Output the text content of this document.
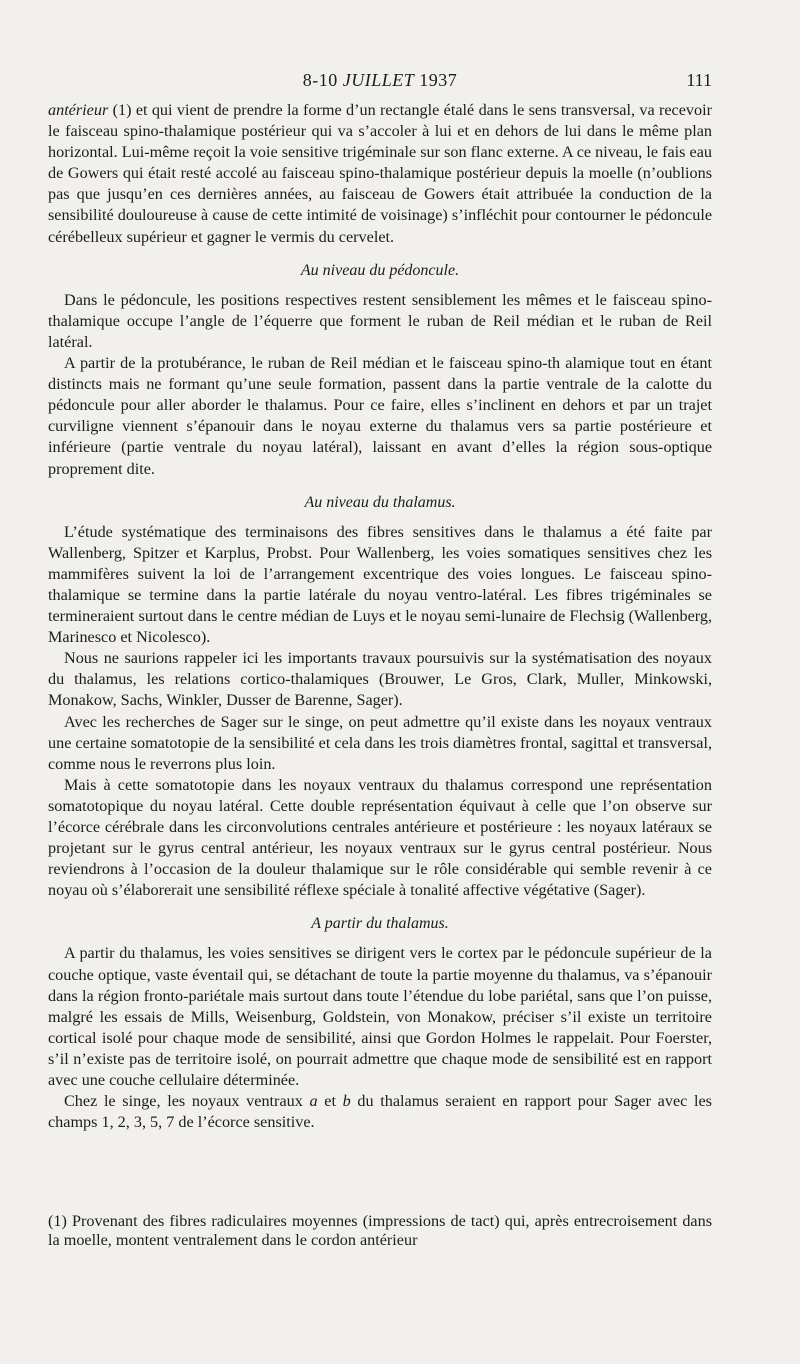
8-10 JUILLET 1937	111

antérieur (1) et qui vient de prendre la forme d’un rectangle étalé dans le sens transversal, va recevoir le faisceau spino-thalamique postérieur qui va s’accoler à lui et en dehors de lui dans le même plan horizontal. Lui-même reçoit la voie sensitive trigéminale sur son flanc externe. A ce niveau, le fais eau de Gowers qui était resté accolé au faisceau spino-thalamique postérieur depuis la moelle (n’oublions pas que jusqu’en ces dernières années, au faisceau de Gowers était attribuée la conduction de la sensibilité douloureuse à cause de cette intimité de voisinage) s’infléchit pour contourner le pédoncule cérébelleux supérieur et gagner le vermis du cervelet.

Au niveau du pédoncule.

Dans le pédoncule, les positions respectives restent sensiblement les mêmes et le faisceau spino-thalamique occupe l’angle de l’équerre que forment le ruban de Reil médian et le ruban de Reil latéral.

A partir de la protubérance, le ruban de Reil médian et le faisceau spino-th alamique tout en étant distincts mais ne formant qu’une seule formation, passent dans la partie ventrale de la calotte du pédoncule pour aller aborder le thalamus. Pour ce faire, elles s’inclinent en dehors et par un trajet curviligne viennent s’épanouir dans le noyau externe du thalamus vers sa partie postérieure et inférieure (partie ventrale du noyau latéral), laissant en avant d’elles la région sous-optique proprement dite.

Au niveau du thalamus.

L’étude systématique des terminaisons des fibres sensitives dans le thalamus a été faite par Wallenberg, Spitzer et Karplus, Probst. Pour Wallenberg, les voies somatiques sensitives chez les mammifères suivent la loi de l’arrangement excentrique des voies longues. Le faisceau spino-thalamique se termine dans la partie latérale du noyau ventro-latéral. Les fibres trigéminales se termineraient surtout dans le centre médian de Luys et le noyau semi-lunaire de Flechsig (Wallenberg, Marinesco et Nicolesco).

Nous ne saurions rappeler ici les importants travaux poursuivis sur la systématisation des noyaux du thalamus, les relations cortico-thalamiques (Brouwer, Le Gros, Clark, Muller, Minkowski, Monakow, Sachs, Winkler, Dusser de Barenne, Sager).

Avec les recherches de Sager sur le singe, on peut admettre qu’il existe dans les noyaux ventraux une certaine somatotopie de la sensibilité et cela dans les trois diamètres frontal, sagittal et transversal, comme nous le reverrons plus loin.

Mais à cette somatotopie dans les noyaux ventraux du thalamus correspond une représentation somatotopique du noyau latéral. Cette double représentation équivaut à celle que l’on observe sur l’écorce cérébrale dans les circonvolutions centrales antérieure et postérieure : les noyaux latéraux se projetant sur le gyrus central antérieur, les noyaux ventraux sur le gyrus central postérieur. Nous reviendrons à l’occasion de la douleur thalamique sur le rôle considérable qui semble revenir à ce noyau où s’élaborerait une sensibilité réflexe spéciale à tonalité affective végétative (Sager).

A partir du thalamus.

A partir du thalamus, les voies sensitives se dirigent vers le cortex par le pédoncule supérieur de la couche optique, vaste éventail qui, se détachant de toute la partie moyenne du thalamus, va s’épanouir dans la région fronto-pariétale mais surtout dans toute l’étendue du lobe pariétal, sans que l’on puisse, malgré les essais de Mills, Weisenburg, Goldstein, von Monakow, préciser s’il existe un territoire cortical isolé pour chaque mode de sensibilité, ainsi que Gordon Holmes le rappelait. Pour Foerster, s’il n’existe pas de territoire isolé, on pourrait admettre que chaque mode de sensibilité est en rapport avec une couche cellulaire déterminée.

Chez le singe, les noyaux ventraux a et b du thalamus seraient en rapport pour Sager avec les champs 1, 2, 3, 5, 7 de l’écorce sensitive.

(1) Provenant des fibres radiculaires moyennes (impressions de tact) qui, après entrecroisement dans la moelle, montent ventralement dans le cordon antérieur
